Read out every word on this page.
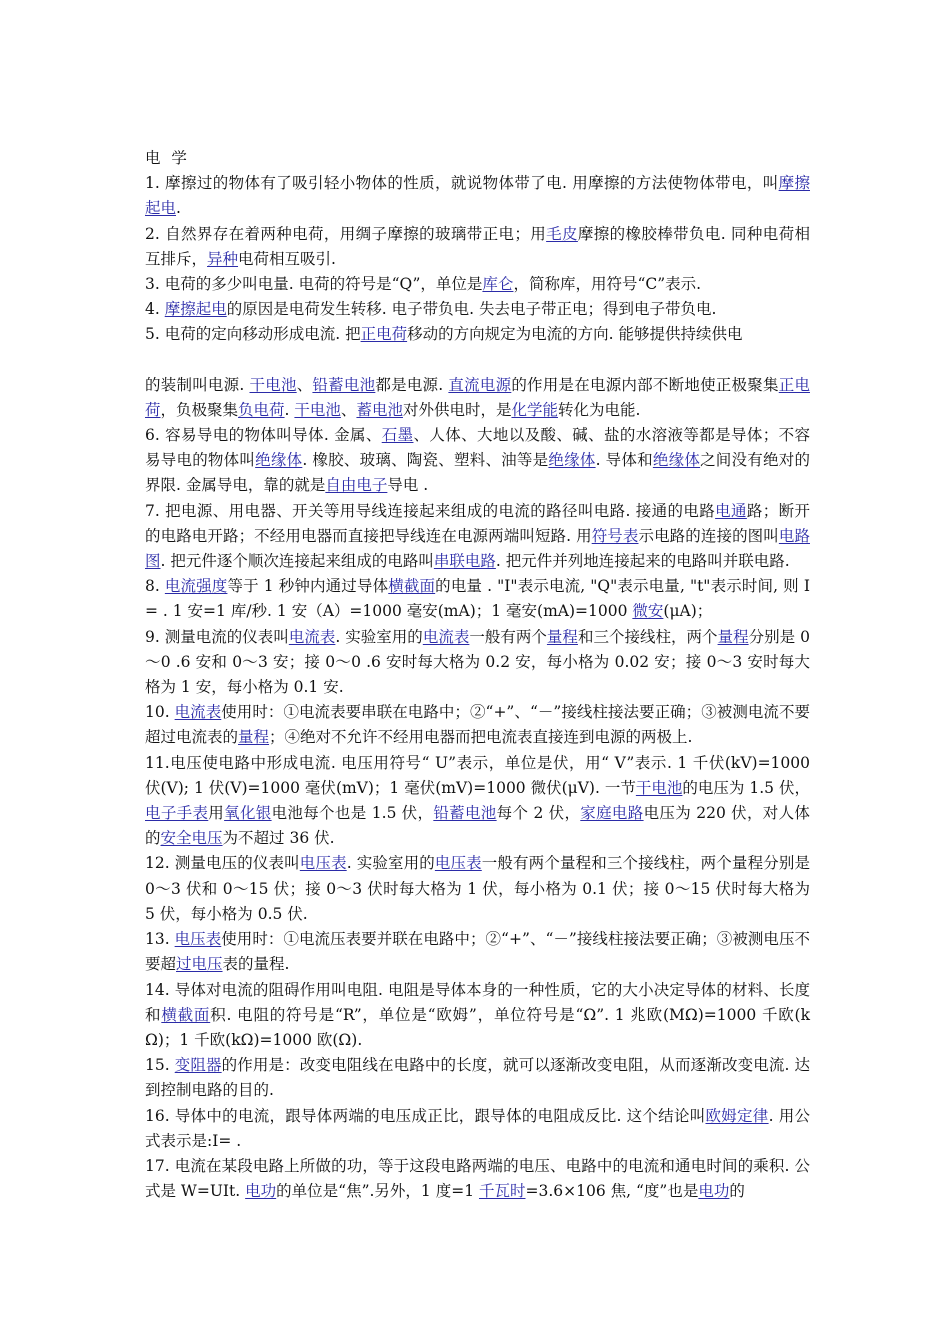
电 学

1. 摩擦过的物体有了吸引轻小物体的性质，就说物体带了电. 用摩擦的方法使物体带电，叫摩擦起电.

2. 自然界存在着两种电荷，用绸子摩擦的玻璃带正电；用毛皮摩擦的橡胶棒带负电. 同种电荷相互排斥，异种电荷相互吸引.

3. 电荷的多少叫电量. 电荷的符号是“Q”，单位是库仑，简称库，用符号“C”表示.

4. 摩擦起电的原因是电荷发生转移. 电子带负电. 失去电子带正电；得到电子带负电.

5. 电荷的定向移动形成电流. 把正电荷移动的方向规定为电流的方向. 能够提供持续供电

的装制叫电源. 干电池、铅蓄电池都是电源. 直流电源的作用是在电源内部不断地使正极聚集正电荷，负极聚集负电荷. 干电池、蓄电池对外供电时，是化学能转化为电能.

6. 容易导电的物体叫导体. 金属、石墨、人体、大地以及酸、碱、盐的水溶液等都是导体；不容易导电的物体叫绝缘体. 橡胶、玻璃、陶瓷、塑料、油等是绝缘体. 导体和绝缘体之间没有绝对的界限. 金属导电，靠的就是自由电子导电 .

7. 把电源、用电器、开关等用导线连接起来组成的电流的路径叫电路. 接通的电路电通路；断开的电路电开路；不经用电器而直接把导线连在电源两端叫短路. 用符号表示电路的连接的图叫电路图. 把元件逐个顺次连接起来组成的电路叫串联电路. 把元件并列地连接起来的电路叫并联电路.

8. 电流强度等于 1 秒钟内通过导体横截面的电量 . "I"表示电流, "Q"表示电量, "t"表示时间, 则 I= . 1 安=1 库/秒. 1 安（A）=1000 毫安(mA)；1 毫安(mA)=1000 微安(μA)；

9. 测量电流的仪表叫电流表. 实验室用的电流表一般有两个量程和三个接线柱，两个量程分别是 0～0 .6 安和 0～3 安；接 0～0 .6 安时每大格为 0.2 安，每小格为 0.02 安；接 0～3 安时每大格为 1 安，每小格为 0.1 安.

10. 电流表使用时：①电流表要串联在电路中；②“+”、“－”接线柱接法要正确；③被测电流不要超过电流表的量程；④绝对不允许不经用电器而把电流表直接连到电源的两极上.

11.电压使电路中形成电流. 电压用符号“ U”表示，单位是伏，用“ V”表示. 1 千伏(kV)=1000 伏(V); 1 伏(V)=1000 毫伏(mV)；1 毫伏(mV)=1000 微伏(μV). 一节干电池的电压为 1.5 伏，电子手表用氧化银电池每个也是 1.5 伏，铅蓄电池每个 2 伏，家庭电路电压为 220 伏，对人体的安全电压为不超过 36 伏.

12. 测量电压的仪表叫电压表. 实验室用的电压表一般有两个量程和三个接线柱，两个量程分别是 0～3 伏和 0～15 伏；接 0～3 伏时每大格为 1 伏，每小格为 0.1 伏；接 0～15 伏时每大格为 5 伏，每小格为 0.5 伏.

13. 电压表使用时：①电流压表要并联在电路中；②“+”、“－”接线柱接法要正确；③被测电压不要超过电压表的量程.

14. 导体对电流的阻碍作用叫电阻. 电阻是导体本身的一种性质，它的大小决定导体的材料、长度和横截面积. 电阻的符号是“R”，单位是“欧姆”，单位符号是“Ω”. 1 兆欧(MΩ)=1000 千欧(kΩ)；1 千欧(kΩ)=1000 欧(Ω).

15. 变阻器的作用是：改变电阻线在电路中的长度，就可以逐渐改变电阻，从而逐渐改变电流. 达到控制电路的目的.

16. 导体中的电流，跟导体两端的电压成正比，跟导体的电阻成反比. 这个结论叫欧姆定律. 用公式表示是:I= .

17. 电流在某段电路上所做的功，等于这段电路两端的电压、电路中的电流和通电时间的乘积. 公式是 W=UIt. 电功的单位是“焦”.另外，1 度=1 千瓦时=3.6×106 焦, “度”也是电功的
